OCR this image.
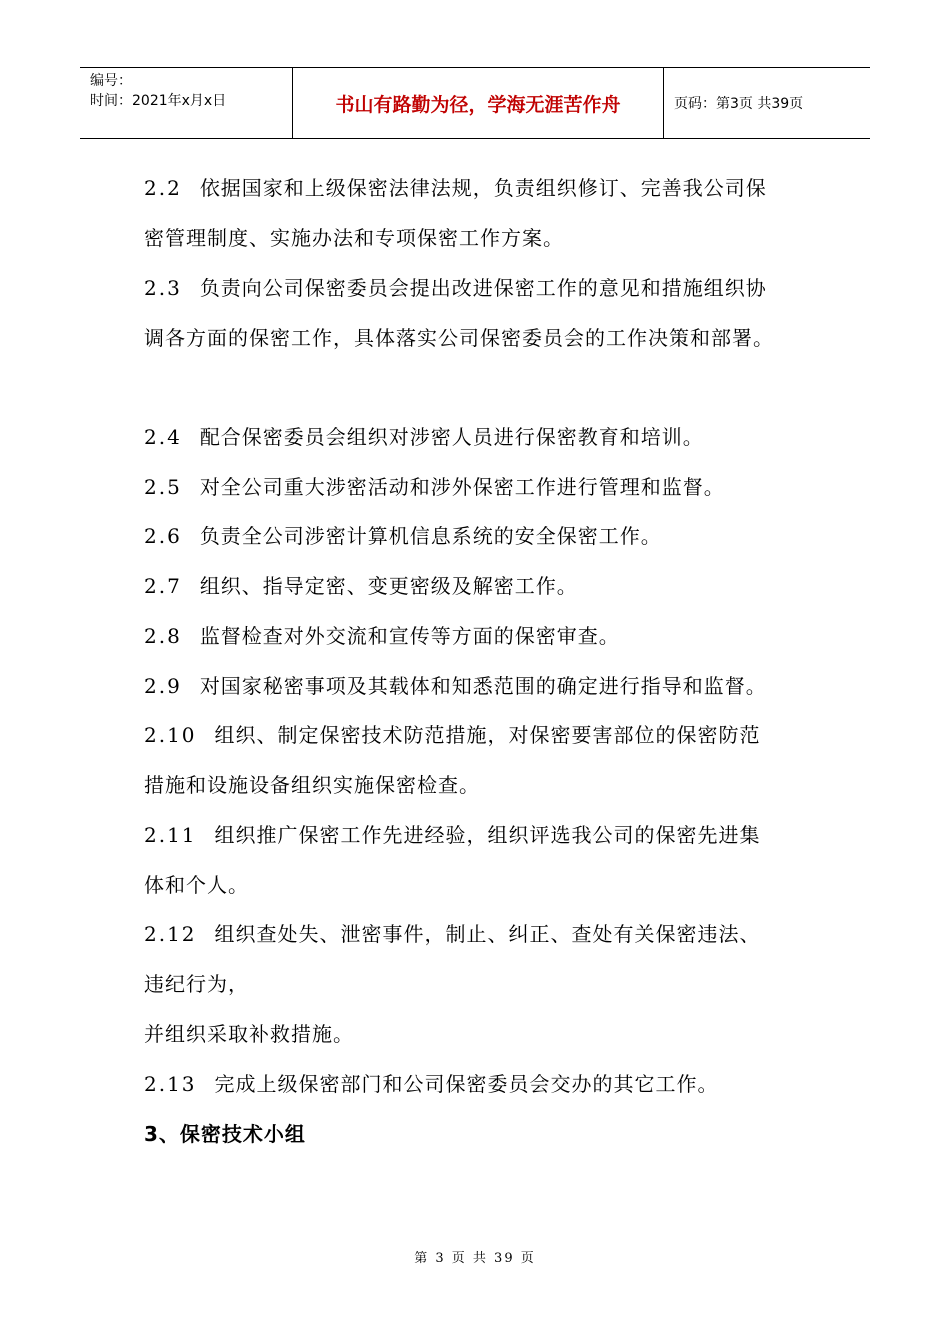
编号：
时间：2021年x月x日	书山有路勤为径，学海无涯苦作舟	页码：第3页 共39页
2.2 依据国家和上级保密法律法规，负责组织修订、完善我公司保
密管理制度、实施办法和专项保密工作方案。
2.3 负责向公司保密委员会提出改进保密工作的意见和措施组织协
调各方面的保密工作，具体落实公司保密委员会的工作决策和部署。
2.4 配合保密委员会组织对涉密人员进行保密教育和培训。
2.5 对全公司重大涉密活动和涉外保密工作进行管理和监督。
2.6 负责全公司涉密计算机信息系统的安全保密工作。
2.7 组织、指导定密、变更密级及解密工作。
2.8 监督检查对外交流和宣传等方面的保密审查。
2.9 对国家秘密事项及其载体和知悉范围的确定进行指导和监督。
2.10 组织、制定保密技术防范措施，对保密要害部位的保密防范
措施和设施设备组织实施保密检查。
2.11 组织推广保密工作先进经验，组织评选我公司的保密先进集
体和个人。
2.12 组织查处失、泄密事件，制止、纠正、查处有关保密违法、
违纪行为，
并组织采取补救措施。
2.13 完成上级保密部门和公司保密委员会交办的其它工作。
3、保密技术小组
第 3 页 共 39 页
